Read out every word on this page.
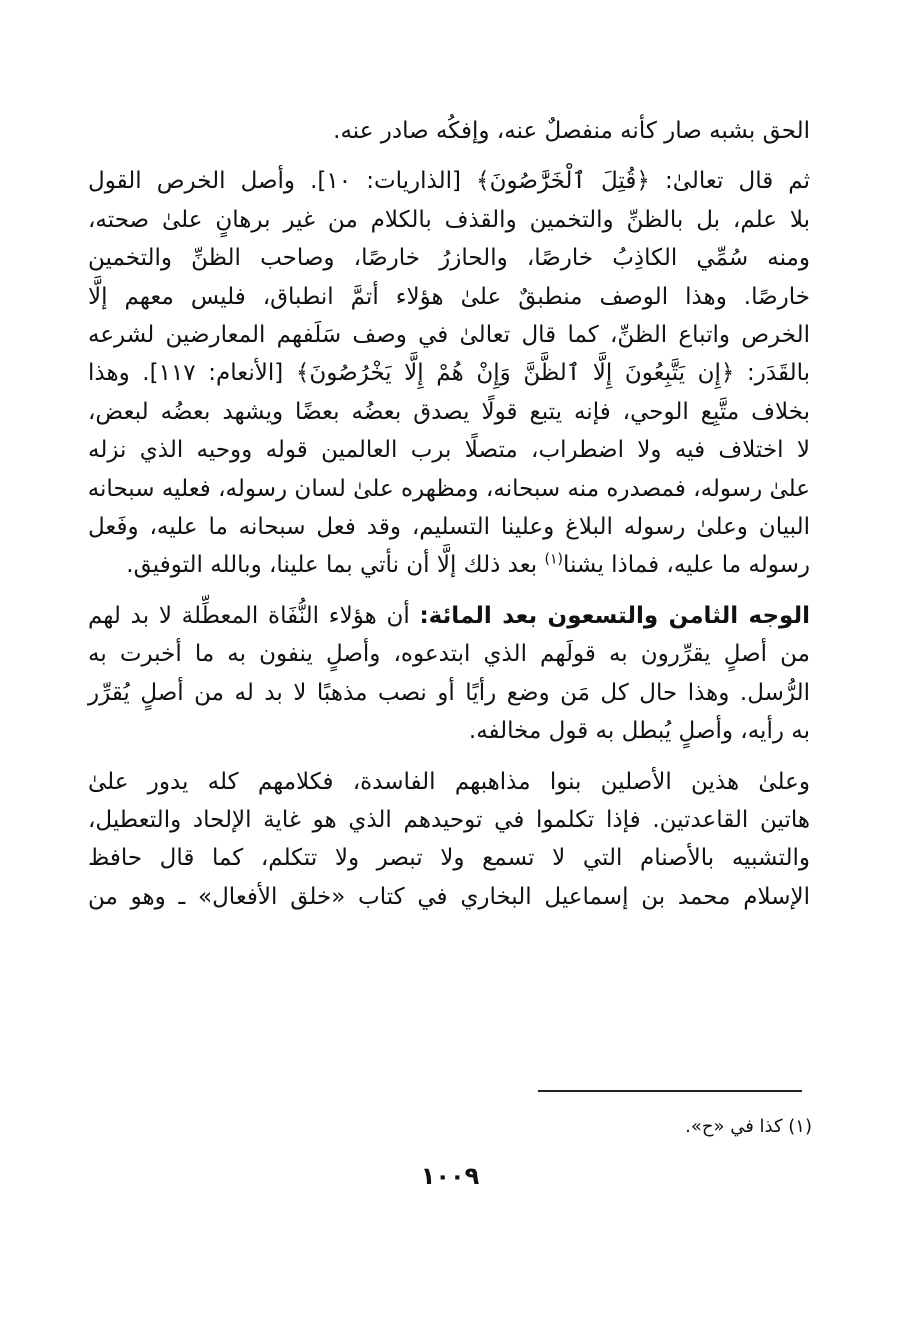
الحق بشبه صار كأنه منفصلٌ عنه، وإفكُه صادر عنه.

ثم قال تعالىٰ: ﴿قُتِلَ ٱلْخَرَّٰصُونَ﴾ [الذاريات: ١٠]. وأصل الخرص القول
بلا علم، بل بالظنِّ والتخمين والقذف بالكلام من غير برهانٍ علىٰ صحته،
ومنه سُمِّي الكاذِبُ خارصًا، والحازرُ خارصًا، وصاحب الظنِّ والتخمين
خارصًا. وهذا الوصف منطبقٌ علىٰ هؤلاء أتمَّ انطباق، فليس معهم إلَّا
الخرص واتباع الظنِّ، كما قال تعالىٰ في وصف سَلَفهم المعارضين لشرعه
بالقَدَر: ﴿إِن يَتَّبِعُونَ إِلَّا ٱلظَّنَّ وَإِنْ هُمْ إِلَّا يَخْرُصُونَ﴾ [الأنعام: ١١٧]. وهذا
بخلاف متَّبِع الوحي، فإنه يتبع قولًا يصدق بعضُه بعضًا ويشهد بعضُه لبعض،
لا اختلاف فيه ولا اضطراب، متصلًا برب العالمين قوله ووحيه الذي نزله
علىٰ رسوله، فمصدره منه سبحانه، ومظهره علىٰ لسان رسوله، فعليه سبحانه
البيان وعلىٰ رسوله البلاغ وعلينا التسليم، وقد فعل سبحانه ما عليه، وفَعل
رسوله ما عليه، فماذا يشنا$^{(١)}$ بعد ذلك إلَّا أن نأتي بما علينا، وبالله التوفيق.

الوجه الثامن والتسعون بعد المائة: أن هؤلاء النُّفَاة المعطِّلة لا بد لهم
من أصلٍ يقرِّرون به قولَهم الذي ابتدعوه، وأصلٍ ينفون به ما أخبرت به
الرُّسل. وهذا حال كل مَن وضع رأيًا أو نصب مذهبًا لا بد له من أصلٍ يُقرِّر
به رأيه، وأصلٍ يُبطل به قول مخالفه.

وعلىٰ هذين الأصلين بنوا مذاهبهم الفاسدة، فكلامهم كله يدور علىٰ
هاتين القاعدتين. فإذا تكلموا في توحيدهم الذي هو غاية الإلحاد والتعطيل،
والتشبيه بالأصنام التي لا تسمع ولا تبصر ولا تتكلم، كما قال حافظ
الإسلام محمد بن إسماعيل البخاري في كتاب «خلق الأفعال» ـ وهو من

(١) كذا في «ح».
١٠٠٩
